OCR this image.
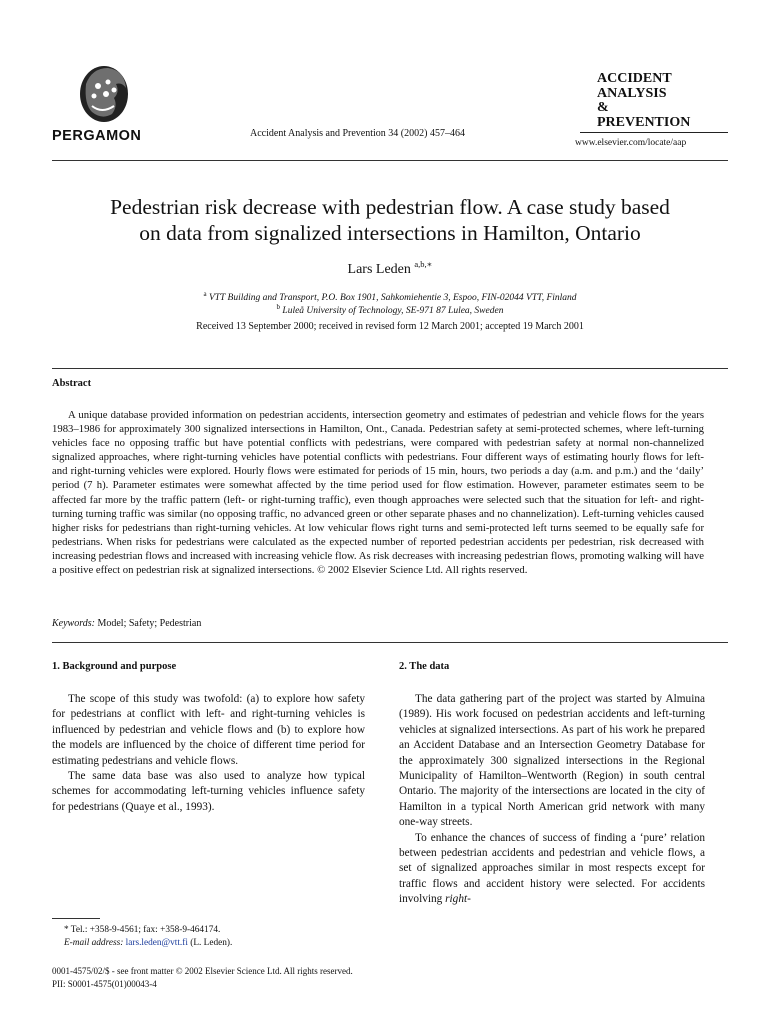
PERGAMON	Accident Analysis and Prevention 34 (2002) 457–464
ACCIDENT
ANALYSIS
&
PREVENTION
www.elsevier.com/locate/aap
Pedestrian risk decrease with pedestrian flow. A case study based
on data from signalized intersections in Hamilton, Ontario
Lars Leden $^{a,b,∗}$
$^a$ VTT Building and Transport, P.O. Box 1901, Sahkomiehentie 3, Espoo, FIN-02044 VTT, Finland
$^b$ Luleå University of Technology, SE-971 87 Lulea, Sweden
Received 13 September 2000; received in revised form 12 March 2001; accepted 19 March 2001
Abstract
A unique database provided information on pedestrian accidents, intersection geometry and estimates of pedestrian and vehicle flows for the years 1983–1986 for approximately 300 signalized intersections in Hamilton, Ont., Canada. Pedestrian safety at semi-protected schemes, where left-turning vehicles face no opposing traffic but have potential conflicts with pedestrians, were compared with pedestrian safety at normal non-channelized signalized approaches, where right-turning vehicles have potential conflicts with pedestrians. Four different ways of estimating hourly flows for left- and right-turning vehicles were explored. Hourly flows were estimated for periods of 15 min, hours, two periods a day (a.m. and p.m.) and the ‘daily’ period (7 h). Parameter estimates were somewhat affected by the time period used for flow estimation. However, parameter estimates seem to be affected far more by the traffic pattern (left- or right-turning traffic), even though approaches were selected such that the situation for left- and right-turning turning traffic was similar (no opposing traffic, no advanced green or other separate phases and no channelization). Left-turning vehicles caused higher risks for pedestrians than right-turning vehicles. At low vehicular flows right turns and semi-protected left turns seemed to be equally safe for pedestrians. When risks for pedestrians were calculated as the expected number of reported pedestrian accidents per pedestrian, risk decreased with increasing pedestrian flows and increased with increasing vehicle flow. As risk decreases with increasing pedestrian flows, promoting walking will have a positive effect on pedestrian risk at signalized intersections. © 2002 Elsevier Science Ltd. All rights reserved.
Keywords: Model; Safety; Pedestrian
1. Background and purpose	2. The data

The scope of this study was twofold: (a) to explore how safety for pedestrians at conflict with left- and right-turning vehicles is influenced by pedestrian and vehicle flows and (b) to explore how the models are influenced by the choice of different time period for estimating pedestrians and vehicle flows.

The same data base was also used to analyze how typical schemes for accommodating left-turning vehicles influence safety for pedestrians (Quaye et al., 1993).

The data gathering part of the project was started by Almuina (1989). His work focused on pedestrian accidents and left-turning vehicles at signalized intersections. As part of his work he prepared an Accident Database and an Intersection Geometry Database for the approximately 300 signalized intersections in the Regional Municipality of Hamilton–Wentworth (Region) in south central Ontario. The majority of the intersections are located in the city of Hamilton in a typical North American grid network with many one-way streets.

To enhance the chances of success of finding a ‘pure’ relation between pedestrian accidents and pedestrian and vehicle flows, a set of signalized approaches similar in most respects except for traffic flows and accident history were selected. For accidents involving right-

* Tel.: +358-9-4561; fax: +358-9-464174.
E-mail address: lars.leden@vtt.fi (L. Leden).
0001-4575/02/$ - see front matter © 2002 Elsevier Science Ltd. All rights reserved.
PII: S0001-4575(01)00043-4
